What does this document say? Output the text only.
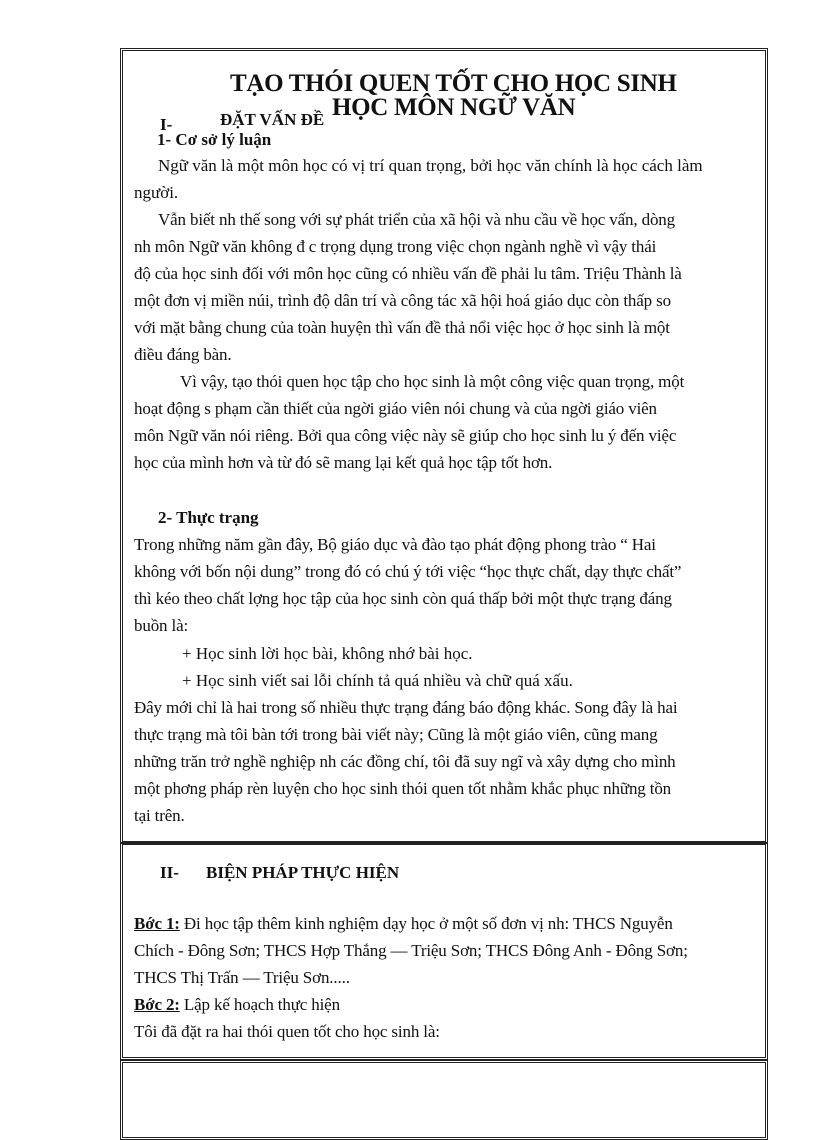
TẠO THÓI QUEN TỐT CHO HỌC SINH
HỌC MÔN NGỮ VĂN
I-	ĐẶT VẤN ĐỀ
1- Cơ sở lý luận
Ngữ văn là một môn học có vị trí quan trọng, bởi học văn chính là học cách làm
người.
Vẫn biết nh thế song với sự phát triển của xã hội và nhu cầu về học vấn, dòng
nh môn Ngữ văn không đ c trọng dụng trong việc chọn ngành nghề vì vậy thái
độ của học sinh đối với môn học cũng có nhiều vấn đề phải lu tâm. Triệu Thành là
một đơn vị miền núi, trình độ dân trí và công tác xã hội hoá giáo dục còn thấp so
với mặt bằng chung của toàn huyện thì vấn đề thả nổi việc học ở học sinh là một
điều đáng bàn.
Vì vậy, tạo thói quen học tập cho học sinh là một công việc quan trọng, một
hoạt động s phạm cần thiết của ngời giáo viên nói chung và của ngời giáo viên
môn Ngữ văn nói riêng. Bởi qua công việc này sẽ giúp cho học sinh lu ý đến việc
học của mình hơn và từ đó sẽ mang lại kết quả học tập tốt hơn.
2- Thực trạng
Trong những năm gần đây, Bộ giáo dục và đào tạo phát động phong trào “ Hai
không với bốn nội dung” trong đó có chú ý tới việc “học thực chất, dạy thực chất”
thì kéo theo chất lợng học tập của học sinh còn quá thấp bởi một thực trạng đáng
buồn là:
+ Học sinh lời học bài, không nhớ bài học.
+ Học sinh viết sai lỗi chính tả quá nhiều và chữ quá xấu.
Đây mới chỉ là hai trong số nhiều thực trạng đáng báo động khác. Song đây là hai
thực trạng mà tôi bàn tới trong bài viết này; Cũng là một giáo viên, cũng mang
những trăn trở nghề nghiệp nh các đồng chí, tôi đã suy ngĩ và xây dựng cho mình
một phơng pháp rèn luyện cho học sinh thói quen tốt nhằm khắc phục những tồn
tại trên.
II- BIỆN PHÁP THỰC HIỆN
Bớc 1: Đi học tập thêm kinh nghiệm dạy học ở một số đơn vị nh: THCS Nguyễn
Chích - Đông Sơn; THCS Hợp Thắng — Triệu Sơn; THCS Đông Anh - Đông Sơn;
THCS Thị Trấn — Triệu Sơn.....
Bớc 2: Lập kế hoạch thực hiện
Tôi đã đặt ra hai thói quen tốt cho học sinh là:
